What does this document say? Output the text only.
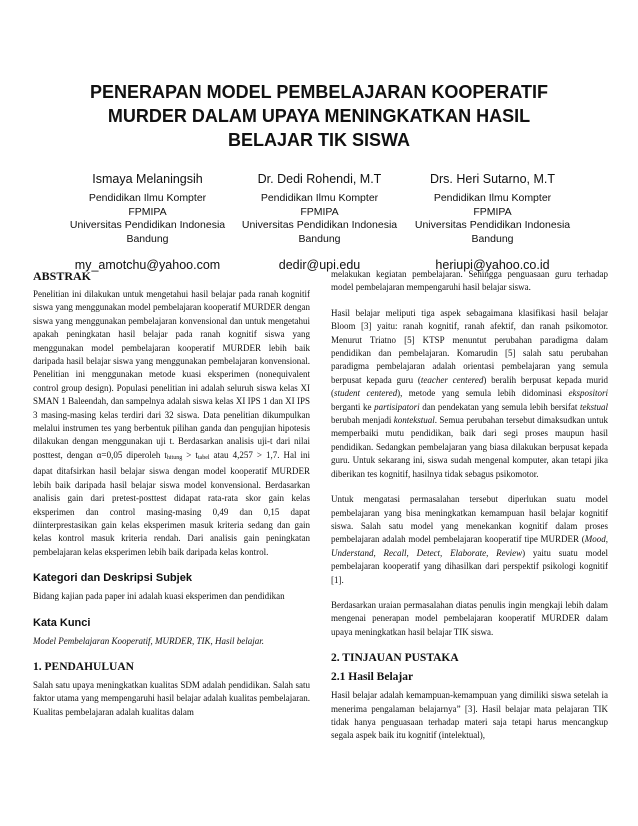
PENERAPAN MODEL PEMBELAJARAN KOOPERATIF
MURDER DALAM UPAYA MENINGKATKAN HASIL
BELAJAR TIK SISWA
Ismaya Melaningsih
Pendidikan Ilmu Kompter
FPMIPA
Universitas Pendidikan Indonesia
Bandung
my_amotchu@yahoo.com
Dr. Dedi Rohendi, M.T
Pendidikan Ilmu Kompter
FPMIPA
Universitas Pendidikan Indonesia
Bandung
dedir@upi.edu
Drs. Heri Sutarno, M.T
Pendidikan Ilmu Kompter
FPMIPA
Universitas Pendidikan Indonesia
Bandung
heriupi@yahoo.co.id
ABSTRAK

Penelitian ini dilakukan untuk mengetahui hasil belajar pada ranah kognitif siswa yang menggunakan model pembelajaran kooperatif MURDER dengan siswa yang menggunakan pembelajaran konvensional dan untuk mengetahui apakah peningkatan hasil belajar pada ranah kognitif siswa yang menggunakan model pembelajaran kooperatif MURDER lebih baik daripada hasil belajar siswa yang menggunakan pembelajaran konvensional. Penelitian ini menggunakan metode kuasi eksperimen (nonequivalent control group design). Populasi penelitian ini adalah seluruh siswa kelas XI SMAN 1 Baleendah, dan sampelnya adalah siswa kelas XI IPS 1 dan XI IPS 3 masing-masing kelas terdiri dari 32 siswa. Data penelitian dikumpulkan melalui instrumen tes yang berbentuk pilihan ganda dan pengujian hipotesis dilakukan dengan menggunakan uji t. Berdasarkan analisis uji-t dari nilai posttest, dengan α=0,05 diperoleh $t_{hitung} > t_{tabel}$ atau 4,257 > 1,7. Hal ini dapat ditafsirkan hasil belajar siswa dengan model kooperatif MURDER lebih baik daripada hasil belajar siswa model konvensional. Berdasarkan analisis gain dari pretest-posttest didapat rata-rata skor gain kelas eksperimen dan control masing-masing 0,49 dan 0,15 dapat diinterprestasikan gain kelas eksperimen masuk kriteria sedang dan gain kelas kontrol masuk kriteria rendah. Dari analisis gain peningkatan pembelajaran kelas eksperimen lebih baik daripada kelas kontrol.

Kategori dan Deskripsi Subjek

Bidang kajian pada paper ini adalah kuasi eksperimen dan pendidikan

Kata Kunci

Model Pembelajaran Kooperatif, MURDER, TIK, Hasil belajar.

1. PENDAHULUAN

Salah satu upaya meningkatkan kualitas SDM adalah pendidikan. Salah satu faktor utama yang mempengaruhi hasil belajar adalah kualitas pembelajaran. Kualitas pembelajaran adalah kualitas dalam

melakukan kegiatan pembelajaran. Sehingga penguasaan guru terhadap model pembelajaran mempengaruhi hasil belajar siswa.

Hasil belajar meliputi tiga aspek sebagaimana klasifikasi hasil belajar Bloom [3] yaitu: ranah kognitif, ranah afektif, dan ranah psikomotor. Menurut Triatno [5] KTSP menuntut perubahan paradigma dalam pendidikan dan pembelajaran. Komarudin [5] salah satu perubahan paradigma pembelajaran adalah orientasi pembelajaran yang semula berpusat kepada guru (teacher centered) beralih berpusat kepada murid (student centered), metode yang semula lebih didominasi ekspositori berganti ke partisipatori dan pendekatan yang semula lebih bersifat tekstual berubah menjadi kontekstual. Semua perubahan tersebut dimaksudkan untuk memperbaiki mutu pendidikan, baik dari segi proses maupun hasil pendidikan. Sedangkan pembelajaran yang biasa dilakukan berpusat kepada guru. Untuk sekarang ini, siswa sudah mengenal komputer, akan tetapi jika diberikan tes kognitif, hasilnya tidak sebagus psikomotor.

Untuk mengatasi permasalahan tersebut diperlukan suatu model pembelajaran yang bisa meningkatkan kemampuan hasil belajar kognitif siswa. Salah satu model yang menekankan kognitif dalam proses pembelajaran adalah model pembelajaran kooperatif tipe MURDER (Mood, Understand, Recall, Detect, Elaborate, Review) yaitu suatu model pembelajaran kooperatif yang dihasilkan dari perspektif psikologi kognitif [1].

Berdasarkan uraian permasalahan diatas penulis ingin mengkaji lebih dalam mengenai penerapan model pembelajaran kooperatif MURDER dalam upaya meningkatkan hasil belajar TIK siswa.

2. TINJAUAN PUSTAKA
2.1 Hasil Belajar

Hasil belajar adalah kemampuan-kemampuan yang dimiliki siswa setelah ia menerima pengalaman belajarnya” [3]. Hasil belajar mata pelajaran TIK tidak hanya penguasaan terhadap materi saja tetapi harus mencangkup segala aspek baik itu kognitif (intelektual),
